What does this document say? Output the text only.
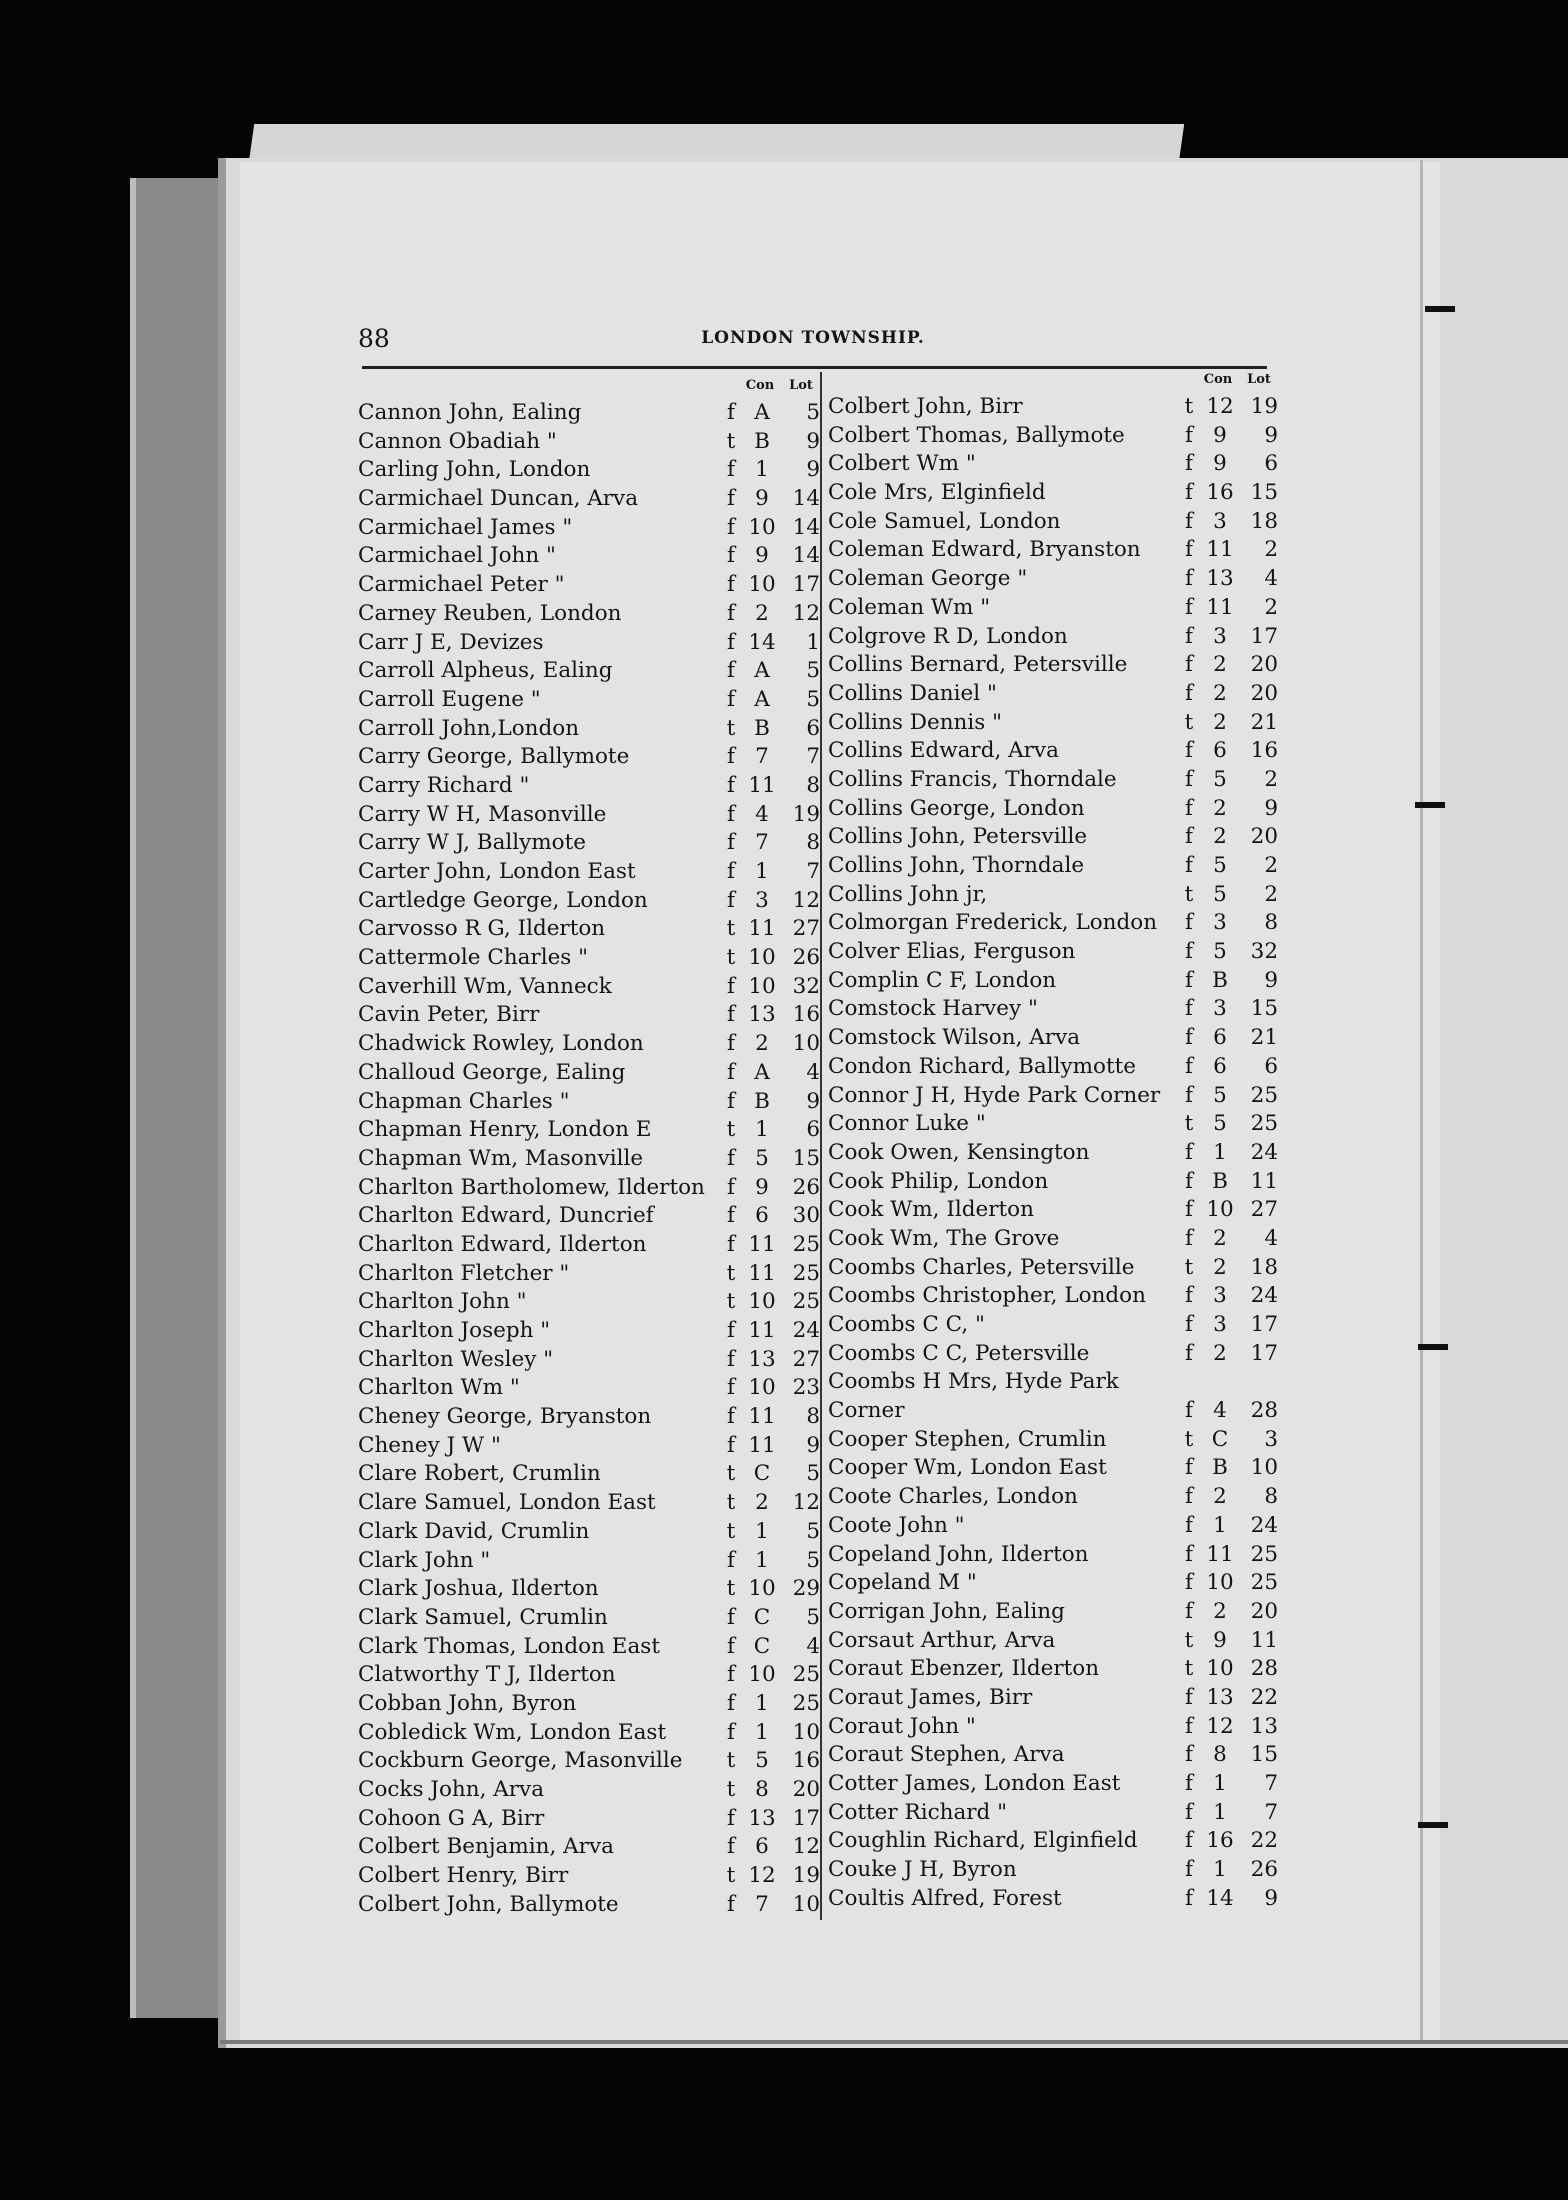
88	LONDON TOWNSHIP.
Con	Lot
Cannon John, Ealing	f A	5
Cannon Obadiah "	t B	9
Carling John, London	f 1	9
Carmichael Duncan, Arva	f 9	14
Carmichael James "	f 10 14
Carmichael John "	f 9	14
Carmichael Peter "	f 10 17
Carney Reuben, London	f 2	12
Carr J E, Devizes	f 14	1
Carroll Alpheus, Ealing	f A	5
Carroll Eugene "	f A	5
Carroll John,London	t B	6
Carry George, Ballymote	f 7	7
Carry Richard "	f 11	8
Carry W H, Masonville	f 4	19
Carry W J, Ballymote	f 7	8
Carter John, London East	f 1	7
Cartledge George, London	f 3	12
Carvosso R G, Ilderton	t 11 27
Cattermole Charles "	t 10 26
Caverhill Wm, Vanneck	f 10 32
Cavin Peter, Birr	f 13 16
Chadwick Rowley, London	f 2	10
Challoud George, Ealing	f A	4
Chapman Charles "	f B	9
Chapman Henry, London E	t 1	6
Chapman Wm, Masonville	f 5	15
Charlton Bartholomew, Ilderton	f 9	26
Charlton Edward, Duncrief	f 6	30
Charlton Edward, Ilderton	f 11 25
Charlton Fletcher "	t 11 25
Charlton John "	t 10 25
Charlton Joseph "	f 11 24
Charlton Wesley "	f 13 27
Charlton Wm "	f 10 23
Cheney George, Bryanston	f 11	8
Cheney J W "	f 11	9
Clare Robert, Crumlin	t C	5
Clare Samuel, London East	t 2	12
Clark David, Crumlin	t 1	5
Clark John "	f 1	5
Clark Joshua, Ilderton	t 10 29
Clark Samuel, Crumlin	f C	5
Clark Thomas, London East	f C	4
Clatworthy T J, Ilderton	f 10 25
Cobban John, Byron	f 1	25
Cobledick Wm, London East	f 1	10
Cockburn George, Masonville	t 5	16
Cocks John, Arva	t 8	20
Cohoon G A, Birr	f 13 17
Colbert Benjamin, Arva	f 6	12
Colbert Henry, Birr	t 12 19
Colbert John, Ballymote	f 7	10
Con	Lot
Colbert John, Birr	t 12 19
Colbert Thomas, Ballymote	f 9	9
Colbert Wm "	f 9	6
Cole Mrs, Elginfield	f 16 15
Cole Samuel, London	f 3	18
Coleman Edward, Bryanston	f 11	2
Coleman George "	f 13	4
Coleman Wm "	f 11	2
Colgrove R D, London	f 3	17
Collins Bernard, Petersville	f 2	20
Collins Daniel "	f 2	20
Collins Dennis "	t 2	21
Collins Edward, Arva	f 6	16
Collins Francis, Thorndale	f 5	2
Collins George, London	f 2	9
Collins John, Petersville	f 2	20
Collins John, Thorndale	f 5	2
Collins John jr,	t 5	2
Colmorgan Frederick, London	f 3	8
Colver Elias, Ferguson	f 5	32
Complin C F, London	f B	9
Comstock Harvey "	f 3	15
Comstock Wilson, Arva	f 6	21
Condon Richard, Ballymotte	f 6	6
Connor J H, Hyde Park Corner	f 5	25
Connor Luke "	t 5	25
Cook Owen, Kensington	f 1	24
Cook Philip, London	f B	11
Cook Wm, Ilderton	f 10 27
Cook Wm, The Grove	f 2	4
Coombs Charles, Petersville	t 2	18
Coombs Christopher, London	f 3	24
Coombs C C, "	f 3	17
Coombs C C, Petersville	f 2	17
Coombs H Mrs, Hyde Park
Corner	f 4	28
Cooper Stephen, Crumlin	t C	3
Cooper Wm, London East	f B	10
Coote Charles, London	f 2	8
Coote John "	f 1	24
Copeland John, Ilderton	f 11 25
Copeland M "	f 10 25
Corrigan John, Ealing	f 2	20
Corsaut Arthur, Arva	t 9	11
Coraut Ebenzer, Ilderton	t 10 28
Coraut James, Birr	f 13 22
Coraut John "	f 12 13
Coraut Stephen, Arva	f 8	15
Cotter James, London East	f 1	7
Cotter Richard "	f 1	7
Coughlin Richard, Elginfield	f 16 22
Couke J H, Byron	f 1	26
Coultis Alfred, Forest	f 14	9
